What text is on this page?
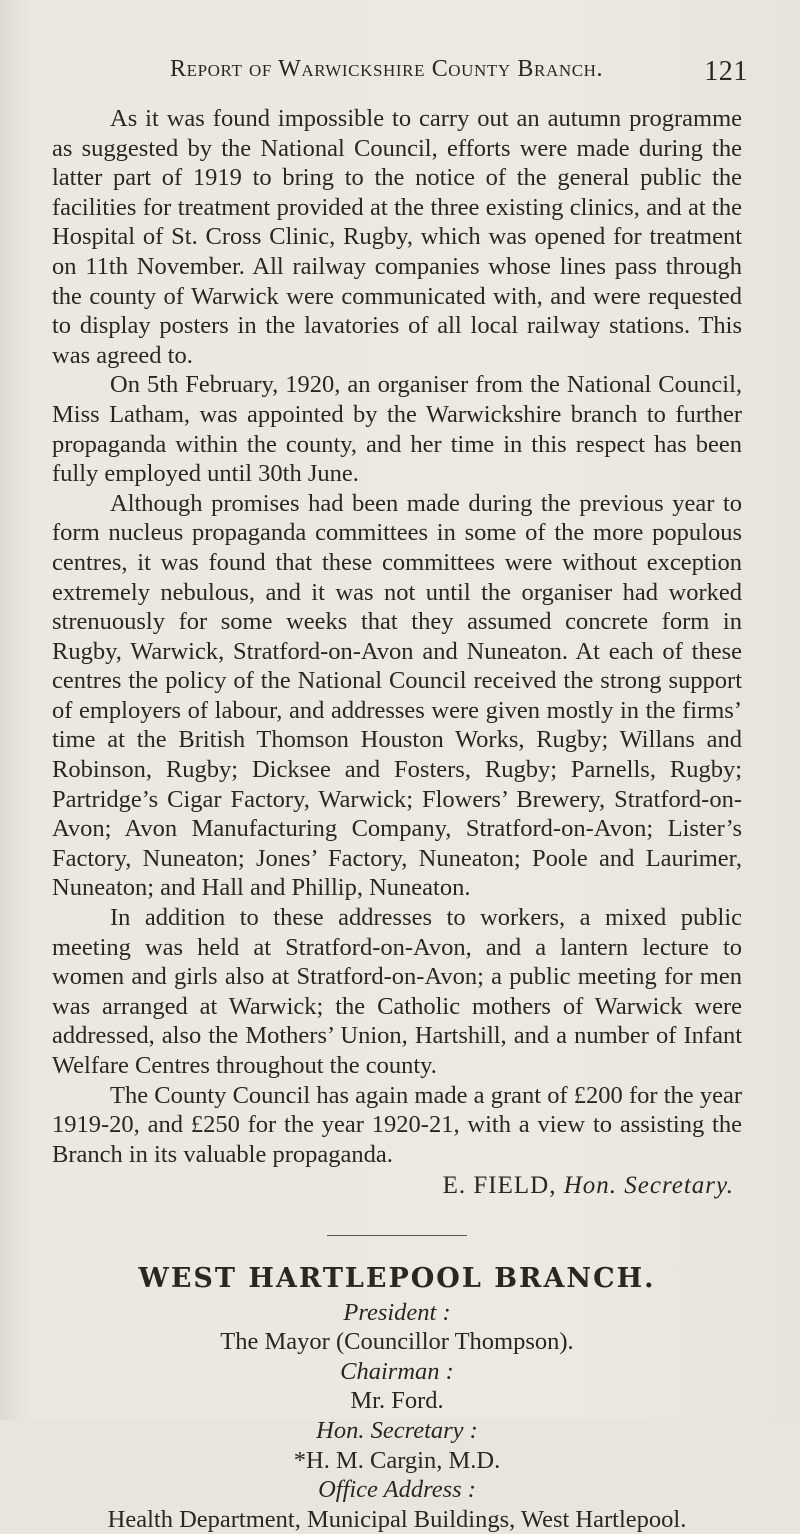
Report of Warwickshire County Branch.	121

As it was found impossible to carry out an autumn programme as suggested by the National Council, efforts were made during the latter part of 1919 to bring to the notice of the general public the facilities for treatment provided at the three existing clinics, and at the Hospital of St. Cross Clinic, Rugby, which was opened for treatment on 11th November. All railway companies whose lines pass through the county of Warwick were communicated with, and were requested to display posters in the lavatories of all local railway stations. This was agreed to.

On 5th February, 1920, an organiser from the National Council, Miss Latham, was appointed by the Warwickshire branch to further propaganda within the county, and her time in this respect has been fully employed until 30th June.

Although promises had been made during the previous year to form nucleus propaganda committees in some of the more populous centres, it was found that these committees were without exception extremely nebulous, and it was not until the organiser had worked strenuously for some weeks that they assumed concrete form in Rugby, Warwick, Stratford-on-Avon and Nuneaton. At each of these centres the policy of the National Council received the strong support of employers of labour, and addresses were given mostly in the firms’ time at the British Thomson Houston Works, Rugby; Willans and Robinson, Rugby; Dicksee and Fosters, Rugby; Parnells, Rugby; Partridge’s Cigar Factory, Warwick; Flowers’ Brewery, Stratford-on-Avon; Avon Manufacturing Company, Stratford-on-Avon; Lister’s Factory, Nuneaton; Jones’ Factory, Nuneaton; Poole and Laurimer, Nuneaton; and Hall and Phillip, Nuneaton.

In addition to these addresses to workers, a mixed public meeting was held at Stratford-on-Avon, and a lantern lecture to women and girls also at Stratford-on-Avon; a public meeting for men was arranged at Warwick; the Catholic mothers of Warwick were addressed, also the Mothers’ Union, Hartshill, and a number of Infant Welfare Centres throughout the county.

The County Council has again made a grant of £200 for the year 1919-20, and £250 for the year 1920-21, with a view to assisting the Branch in its valuable propaganda.

E. FIELD, Hon. Secretary.
WEST HARTLEPOOL BRANCH.
President :
The Mayor (Councillor Thompson).
Chairman :
Mr. Ford.
Hon. Secretary :
*H. M. Cargin, M.D.
Office Address :
Health Department, Municipal Buildings, West Hartlepool.
